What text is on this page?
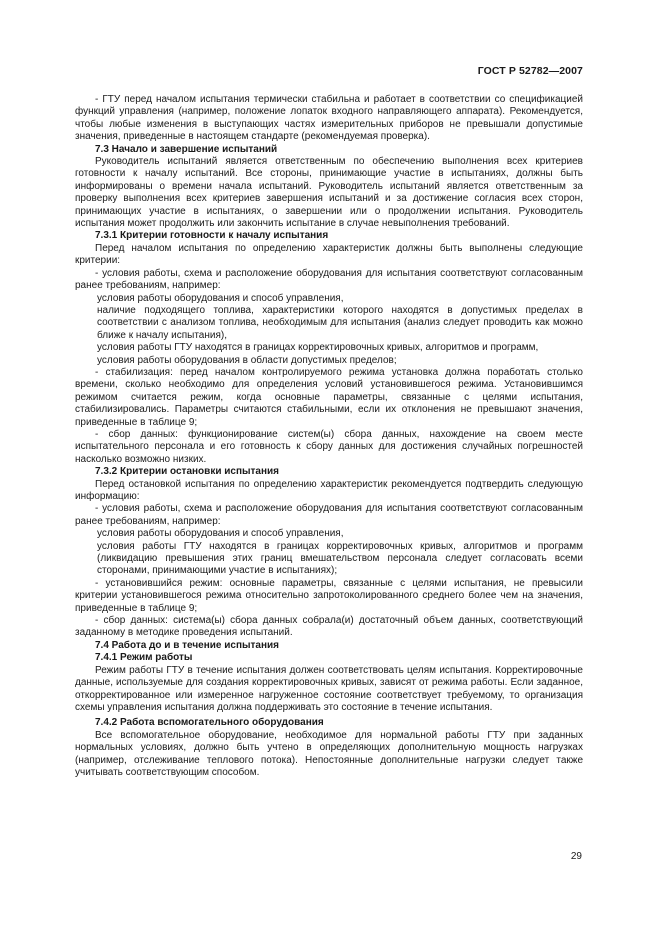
ГОСТ Р 52782—2007

- ГТУ перед началом испытания термически стабильна и работает в соответствии со спецификацией функций управления (например, положение лопаток входного направляющего аппарата). Рекомендуется, чтобы любые изменения в выступающих частях измерительных приборов не превышали допустимые значения, приведенные в настоящем стандарте (рекомендуемая проверка).

7.3 Начало и завершение испытаний

Руководитель испытаний является ответственным по обеспечению выполнения всех критериев готовности к началу испытаний. Все стороны, принимающие участие в испытаниях, должны быть информированы о времени начала испытаний. Руководитель испытаний является ответственным за проверку выполнения всех критериев завершения испытаний и за достижение согласия всех сторон, принимающих участие в испытаниях, о завершении или о продолжении испытания. Руководитель испытания может продолжить или закончить испытание в случае невыполнения требований.

7.3.1 Критерии готовности к началу испытания

Перед началом испытания по определению характеристик должны быть выполнены следующие критерии:

- условия работы, схема и расположение оборудования для испытания соответствуют согласованным ранее требованиям, например:

условия работы оборудования и способ управления,

наличие подходящего топлива, характеристики которого находятся в допустимых пределах в соответствии с анализом топлива, необходимым для испытания (анализ следует проводить как можно ближе к началу испытания),

условия работы ГТУ находятся в границах корректировочных кривых, алгоритмов и программ,

условия работы оборудования в области допустимых пределов;

- стабилизация: перед началом контролируемого режима установка должна поработать столько времени, сколько необходимо для определения условий установившегося режима. Установившимся режимом считается режим, когда основные параметры, связанные с целями испытания, стабилизировались. Параметры считаются стабильными, если их отклонения не превышают значения, приведенные в таблице 9;

- сбор данных: функционирование систем(ы) сбора данных, нахождение на своем месте испытательного персонала и его готовность к сбору данных для достижения случайных погрешностей насколько возможно низких.

7.3.2 Критерии остановки испытания

Перед остановкой испытания по определению характеристик рекомендуется подтвердить следующую информацию:

- условия работы, схема и расположение оборудования для испытания соответствуют согласованным ранее требованиям, например:

условия работы оборудования и способ управления,

условия работы ГТУ находятся в границах корректировочных кривых, алгоритмов и программ (ликвидацию превышения этих границ вмешательством персонала следует согласовать всеми сторонами, принимающими участие в испытаниях);

- установившийся режим: основные параметры, связанные с целями испытания, не превысили критерии установившегося режима относительно запротоколированного среднего более чем на значения, приведенные в таблице 9;

- сбор данных: система(ы) сбора данных собрала(и) достаточный объем данных, соответствующий заданному в методике проведения испытаний.

7.4 Работа до и в течение испытания

7.4.1 Режим работы

Режим работы ГТУ в течение испытания должен соответствовать целям испытания. Корректировочные данные, используемые для создания корректировочных кривых, зависят от режима работы. Если заданное, откорректированное или измеренное нагруженное состояние соответствует требуемому, то организация схемы управления испытания должна поддерживать это состояние в течение испытания.

7.4.2 Работа вспомогательного оборудования

Все вспомогательное оборудование, необходимое для нормальной работы ГТУ при заданных нормальных условиях, должно быть учтено в определяющих дополнительную мощность нагрузках (например, отслеживание теплового потока). Непостоянные дополнительные нагрузки следует также учитывать соответствующим способом.

29
